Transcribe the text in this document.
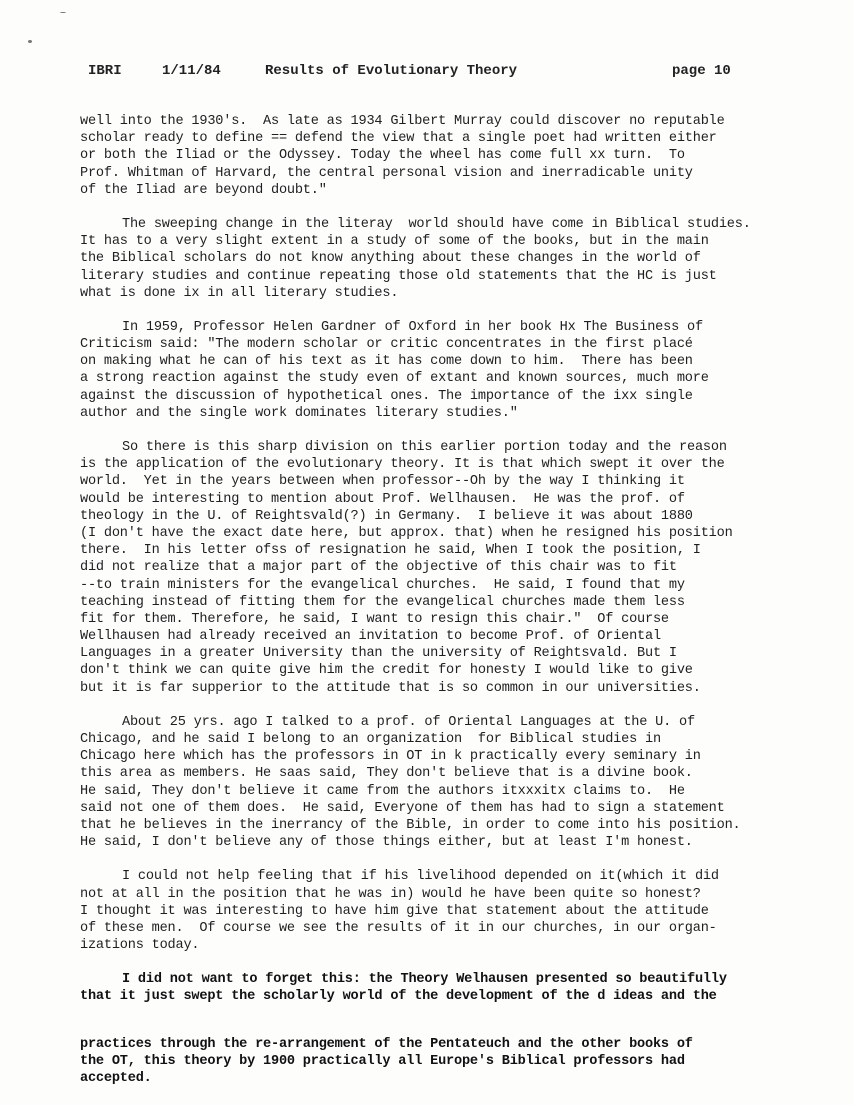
IBRI	1/11/84	Results of Evolutionary Theory	page 10
well into the 1930's.  As late as 1934 Gilbert Murray could discover no reputable
scholar ready to define == defend the view that a single poet had written either
or both the Iliad or the Odyssey. Today the wheel has come full xx turn.  To
Prof. Whitman of Harvard, the central personal vision and inerradicable unity
of the Iliad are beyond doubt."
The sweeping change in the literay  world should have come in Biblical studies.
It has to a very slight extent in a study of some of the books, but in the main
the Biblical scholars do not know anything about these changes in the world of
literary studies and continue repeating those old statements that the HC is just
what is done ix in all literary studies.
In 1959, Professor Helen Gardner of Oxford in her book Hx The Business of
Criticism said: "The modern scholar or critic concentrates in the first placé
on making what he can of his text as it has come down to him.  There has been
a strong reaction against the study even of extant and known sources, much more
against the discussion of hypothetical ones. The importance of the ixx single
author and the single work dominates literary studies."
So there is this sharp division on this earlier portion today and the reason
is the application of the evolutionary theory. It is that which swept it over the
world.  Yet in the years between when professor--Oh by the way I thinking it
would be interesting to mention about Prof. Wellhausen.  He was the prof. of
theology in the U. of Reightsvald(?) in Germany.  I believe it was about 1880
(I don't have the exact date here, but approx. that) when he resigned his position
there.  In his letter ofss of resignation he said, When I took the position, I
did not realize that a major part of the objective of this chair was to fit
--to train ministers for the evangelical churches.  He said, I found that my
teaching instead of fitting them for the evangelical churches made them less
fit for them. Therefore, he said, I want to resign this chair."  Of course
Wellhausen had already received an invitation to become Prof. of Oriental
Languages in a greater University than the university of Reightsvald. But I
don't think we can quite give him the credit for honesty I would like to give
but it is far supperior to the attitude that is so common in our universities.
About 25 yrs. ago I talked to a prof. of Oriental Languages at the U. of
Chicago, and he said I belong to an organization  for Biblical studies in
Chicago here which has the professors in OT in k practically every seminary in
this area as members. He saas said, They don't believe that is a divine book.
He said, They don't believe it came from the authors itxxxitx claims to.  He
said not one of them does.  He said, Everyone of them has had to sign a statement
that he believes in the inerrancy of the Bible, in order to come into his position.
He said, I don't believe any of those things either, but at least I'm honest.
I could not help feeling that if his livelihood depended on it(which it did
not at all in the position that he was in) would he have been quite so honest?
I thought it was interesting to have him give that statement about the attitude
of these men.  Of course we see the results of it in our churches, in our organ-
izations today.
I did not want to forget this: the Theory Welhausen presented so beautifully
that it just swept the scholarly world of the development of the d ideas and the
practices through the re-arrangement of the Pentateuch and the other books of
the OT, this theory by 1900 practically all Europe's Biblical professors had
accepted.
